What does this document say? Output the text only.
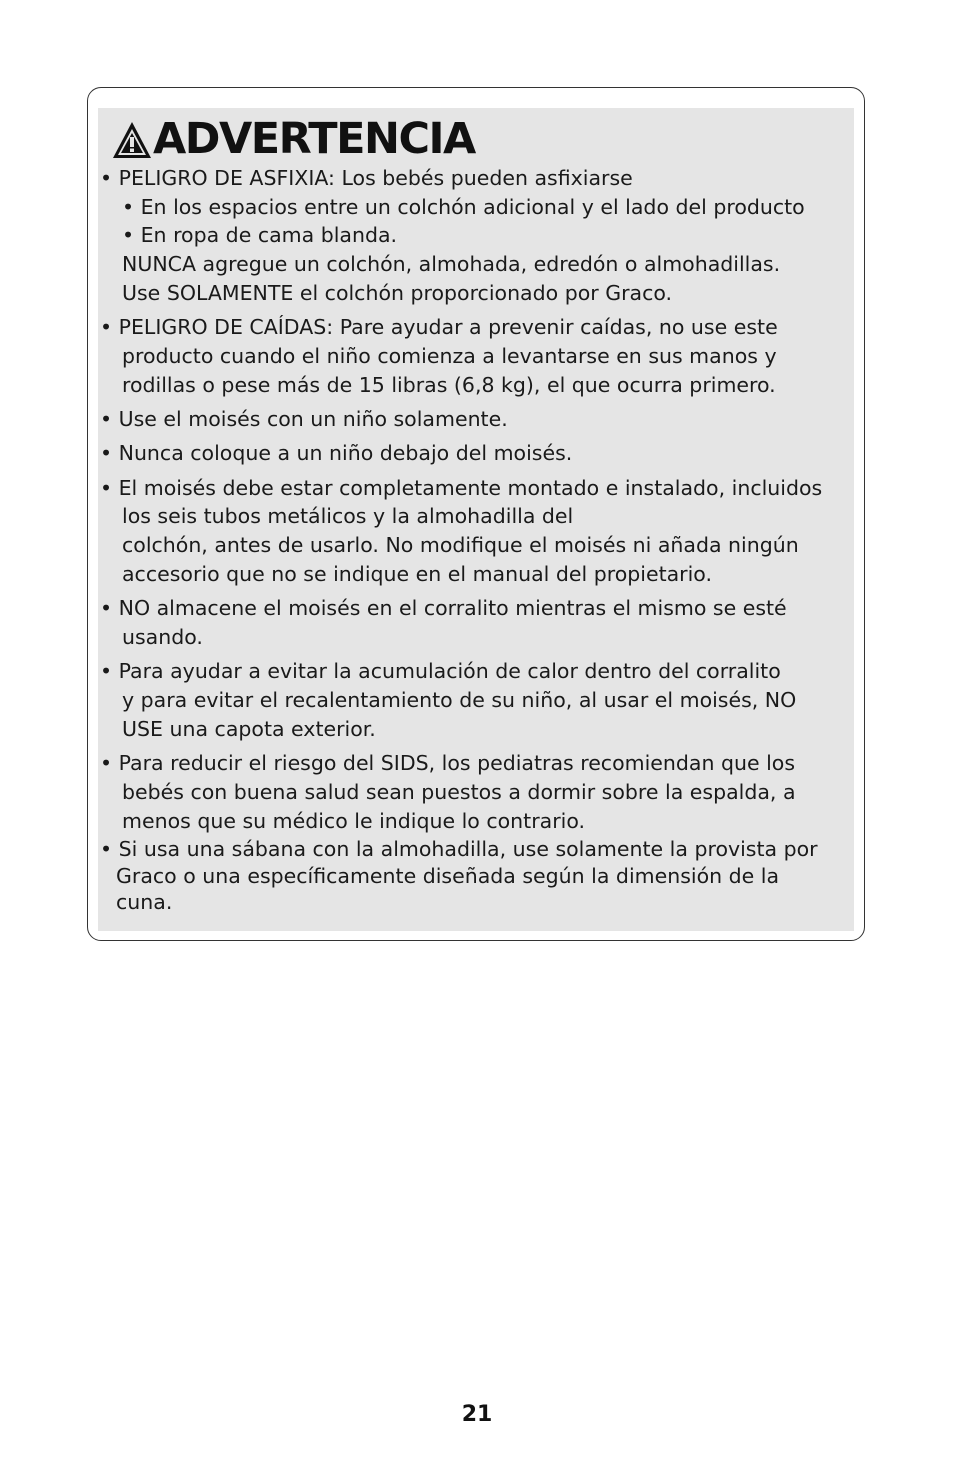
ADVERTENCIA
• PELIGRO DE ASFIXIA: Los bebés pueden asfixiarse
• En los espacios entre un colchón adicional y el lado del producto
• En ropa de cama blanda.
NUNCA agregue un colchón, almohada, edredón o almohadillas.
Use SOLAMENTE el colchón proporcionado por Graco.
• PELIGRO DE CAÍDAS: Pare ayudar a prevenir caídas, no use este
producto cuando el niño comienza a levantarse en sus manos y
rodillas o pese más de 15 libras (6,8 kg), el que ocurra primero.
• Use el moisés con un niño solamente.
• Nunca coloque a un niño debajo del moisés.
• El moisés debe estar completamente montado e instalado, incluidos
los seis tubos metálicos y la almohadilla del
colchón, antes de usarlo. No modifique el moisés ni añada ningún
accesorio que no se indique en el manual del propietario.
• NO almacene el moisés en el corralito mientras el mismo se esté
usando.
• Para ayudar a evitar la acumulación de calor dentro del corralito
y para evitar el recalentamiento de su niño, al usar el moisés, NO
USE una capota exterior.
• Para reducir el riesgo del SIDS, los pediatras recomiendan que los
bebés con buena salud sean puestos a dormir sobre la espalda, a
menos que su médico le indique lo contrario.
• Si usa una sábana con la almohadilla, use solamente la provista por
Graco o una específicamente diseñada según la dimensión de la
cuna.
21
